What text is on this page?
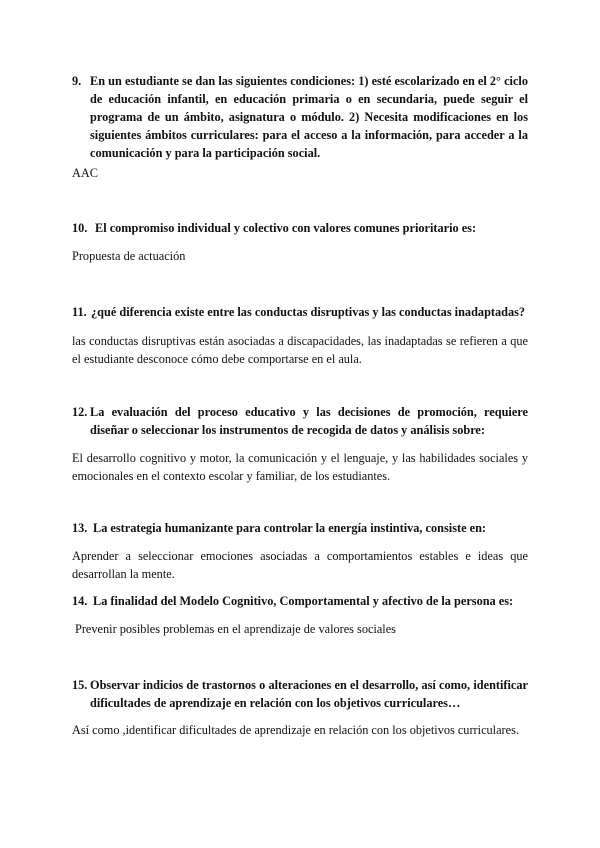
9. En un estudiante se dan las siguientes condiciones: 1) esté escolarizado en el 2° ciclo de educación infantil, en educación primaria o en secundaria, puede seguir el programa de un ámbito, asignatura o módulo. 2) Necesita modificaciones en los siguientes ámbitos curriculares: para el acceso a la información, para acceder a la comunicación y para la participación social.
AAC
10. El compromiso individual y colectivo con valores comunes prioritario es:
Propuesta de actuación
11. ¿qué diferencia existe entre las conductas disruptivas y las conductas inadaptadas?
las conductas disruptivas están asociadas a discapacidades, las inadaptadas se refieren a que el estudiante desconoce cómo debe comportarse en el aula.
12. La evaluación del proceso educativo y las decisiones de promoción, requiere diseñar o seleccionar los instrumentos de recogida de datos y análisis sobre:
El desarrollo cognitivo y motor, la comunicación y el lenguaje, y las habilidades sociales y emocionales en el contexto escolar y familiar, de los estudiantes.
13. La estrategia humanizante para controlar la energía instintiva, consiste en:
Aprender a seleccionar emociones asociadas a comportamientos estables e ideas que desarrollan la mente.
14. La finalidad del Modelo Cognitivo, Comportamental y afectivo de la persona es:
Prevenir posibles problemas en el aprendizaje de valores sociales
15. Observar indicios de trastornos o alteraciones en el desarrollo, así como, identificar dificultades de aprendizaje en relación con los objetivos curriculares…
Así como ,identificar dificultades de aprendizaje en relación con los objetivos curriculares.
